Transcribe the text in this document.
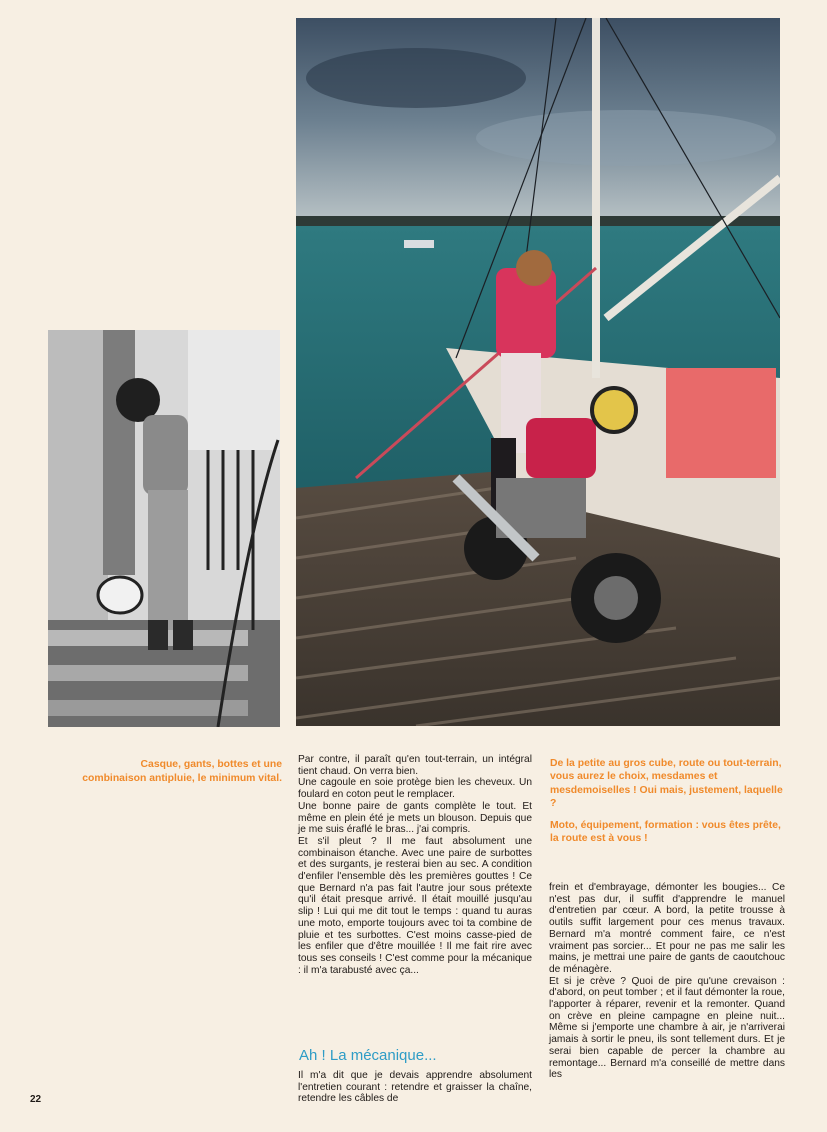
Casque, gants, bottes et une combinaison antipluie, le minimum vital.

Par contre, il paraît qu'en tout-terrain, un intégral tient chaud. On verra bien.

Une cagoule en soie protège bien les cheveux. Un foulard en coton peut le remplacer.

Une bonne paire de gants complète le tout. Et même en plein été je mets un blouson. Depuis que je me suis éraflé le bras... j'ai compris.

Et s'il pleut ? Il me faut absolument une combinaison étanche. Avec une paire de surbottes et des surgants, je resterai bien au sec. A condition d'enfiler l'ensemble dès les premières gouttes ! Ce que Bernard n'a pas fait l'autre jour sous prétexte qu'il était presque arrivé. Il était mouillé jusqu'au slip ! Lui qui me dit tout le temps : quand tu auras une moto, emporte toujours avec toi ta combine de pluie et tes surbottes. C'est moins casse-pied de les enfiler que d'être mouillée ! Il me fait rire avec tous ses conseils ! C'est comme pour la mécanique : il m'a tarabusté avec ça...

Ah ! La mécanique...

Il m'a dit que je devais apprendre absolument l'entretien courant : retendre et graisser la chaîne, retendre les câbles de

De la petite au gros cube, route ou tout-terrain, vous aurez le choix, mesdames et mesdemoiselles ! Oui mais, justement, laquelle ?

Moto, équipement, formation : vous êtes prête, la route est à vous !

frein et d'embrayage, démonter les bougies... Ce n'est pas dur, il suffit d'apprendre le manuel d'entretien par cœur. A bord, la petite trousse à outils suffit largement pour ces menus travaux. Bernard m'a montré comment faire, ce n'est vraiment pas sorcier... Et pour ne pas me salir les mains, je mettrai une paire de gants de caoutchouc de ménagère.

Et si je crève ? Quoi de pire qu'une crevaison : d'abord, on peut tomber ; et il faut démonter la roue, l'apporter à réparer, revenir et la remonter. Quand on crève en pleine campagne en pleine nuit... Même si j'emporte une chambre à air, je n'arriverai jamais à sortir le pneu, ils sont tellement durs. Et je serai bien capable de percer la chambre au remontage... Bernard m'a conseillé de mettre dans les

22
